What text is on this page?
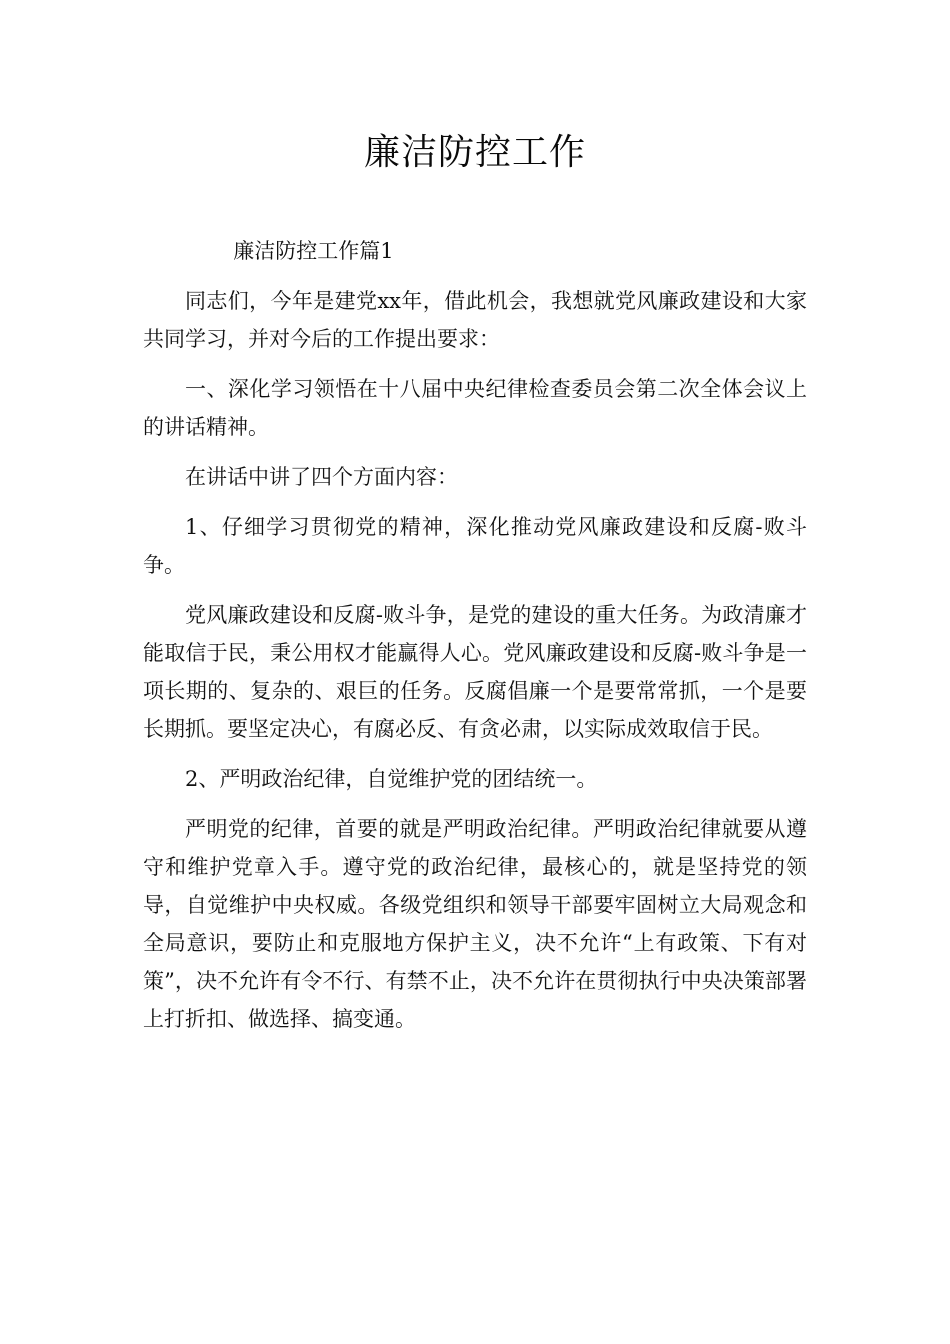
廉洁防控工作

廉洁防控工作篇1

同志们，今年是建党xx年，借此机会，我想就党风廉政建设和大家共同学习，并对今后的工作提出要求：

一、深化学习领悟在十八届中央纪律检查委员会第二次全体会议上的讲话精神。

在讲话中讲了四个方面内容：

1、仔细学习贯彻党的精神，深化推动党风廉政建设和反腐-败斗争。

党风廉政建设和反腐-败斗争，是党的建设的重大任务。为政清廉才能取信于民，秉公用权才能赢得人心。党风廉政建设和反腐-败斗争是一项长期的、复杂的、艰巨的任务。反腐倡廉一个是要常常抓，一个是要长期抓。要坚定决心，有腐必反、有贪必肃，以实际成效取信于民。

2、严明政治纪律，自觉维护党的团结统一。

严明党的纪律，首要的就是严明政治纪律。严明政治纪律就要从遵守和维护党章入手。遵守党的政治纪律，最核心的，就是坚持党的领导，自觉维护中央权威。各级党组织和领导干部要牢固树立大局观念和全局意识，要防止和克服地方保护主义，决不允许“上有政策、下有对策”，决不允许有令不行、有禁不止，决不允许在贯彻执行中央决策部署上打折扣、做选择、搞变通。
